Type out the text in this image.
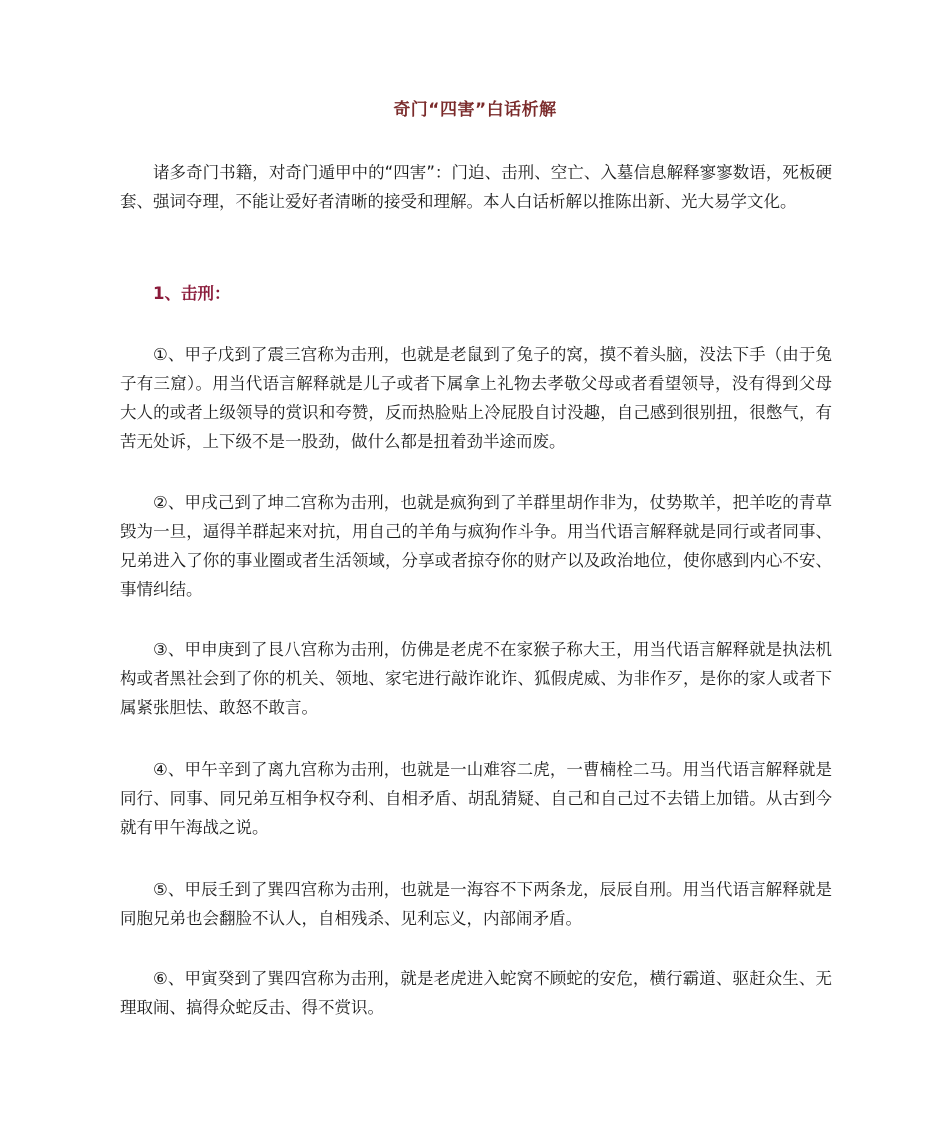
奇门“四害”白话析解

诸多奇门书籍，对奇门遁甲中的“四害”：门迫、击刑、空亡、入墓信息解释寥寥数语，死板硬套、强词夺理，不能让爱好者清晰的接受和理解。本人白话析解以推陈出新、光大易学文化。

1、击刑：

①、甲子戊到了震三宫称为击刑，也就是老鼠到了兔子的窝，摸不着头脑，没法下手（由于兔子有三窟）。用当代语言解释就是儿子或者下属拿上礼物去孝敬父母或者看望领导，没有得到父母大人的或者上级领导的赏识和夸赞，反而热脸贴上冷屁股自讨没趣，自己感到很别扭，很憋气，有苦无处诉，上下级不是一股劲，做什么都是扭着劲半途而废。

②、甲戌己到了坤二宫称为击刑，也就是疯狗到了羊群里胡作非为，仗势欺羊，把羊吃的青草毁为一旦，逼得羊群起来对抗，用自己的羊角与疯狗作斗争。用当代语言解释就是同行或者同事、兄弟进入了你的事业圈或者生活领域，分享或者掠夺你的财产以及政治地位，使你感到内心不安、事情纠结。

③、甲申庚到了艮八宫称为击刑，仿佛是老虎不在家猴子称大王，用当代语言解释就是执法机构或者黑社会到了你的机关、领地、家宅进行敲诈讹诈、狐假虎威、为非作歹，是你的家人或者下属紧张胆怯、敢怒不敢言。

④、甲午辛到了离九宫称为击刑，也就是一山难容二虎，一曹楠栓二马。用当代语言解释就是同行、同事、同兄弟互相争权夺利、自相矛盾、胡乱猜疑、自己和自己过不去错上加错。从古到今就有甲午海战之说。

⑤、甲辰壬到了巽四宫称为击刑，也就是一海容不下两条龙，辰辰自刑。用当代语言解释就是同胞兄弟也会翻脸不认人，自相残杀、见利忘义，内部闹矛盾。

⑥、甲寅癸到了巽四宫称为击刑，就是老虎进入蛇窝不顾蛇的安危，横行霸道、驱赶众生、无理取闹、搞得众蛇反击、得不赏识。
